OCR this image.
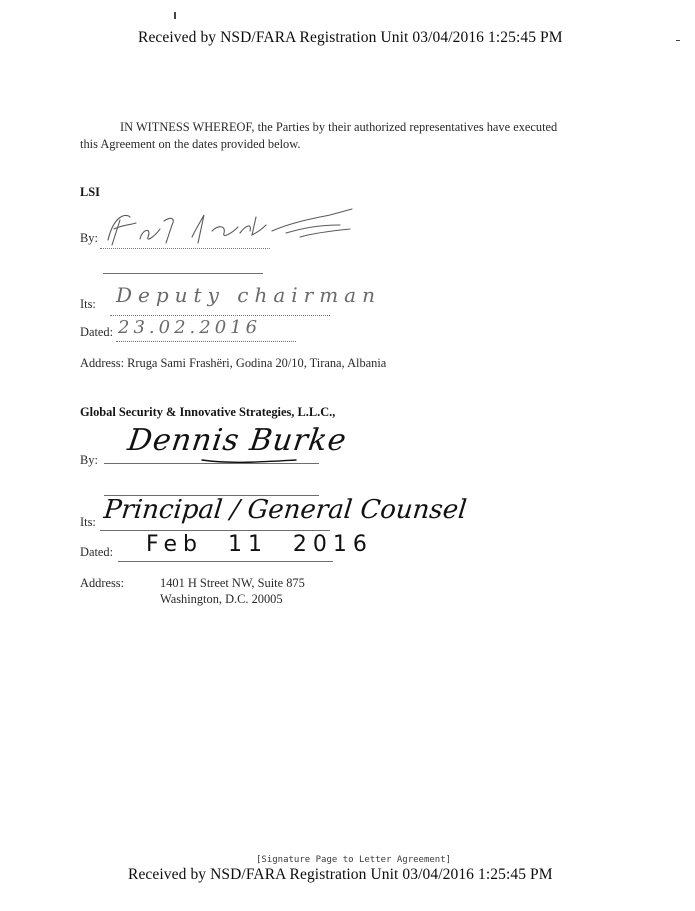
Received by NSD/FARA Registration Unit 03/04/2016 1:25:45 PM
IN WITNESS WHEREOF, the Parties by their authorized representatives have executed
this Agreement on the dates provided below.
LSI
By:
Its: Deputy chairman
Dated: 23.02.2016
Address: Rruga Sami Frashëri, Godina 20/10, Tirana, Albania
Global Security & Innovative Strategies, L.L.C.,
By:
Dennis Burke
Its: Principal / General Counsel
Dated: Feb 11 2016
Address:	1401 H Street NW, Suite 875
Washington, D.C. 20005
[Signature Page to Letter Agreement]
Received by NSD/FARA Registration Unit 03/04/2016 1:25:45 PM
